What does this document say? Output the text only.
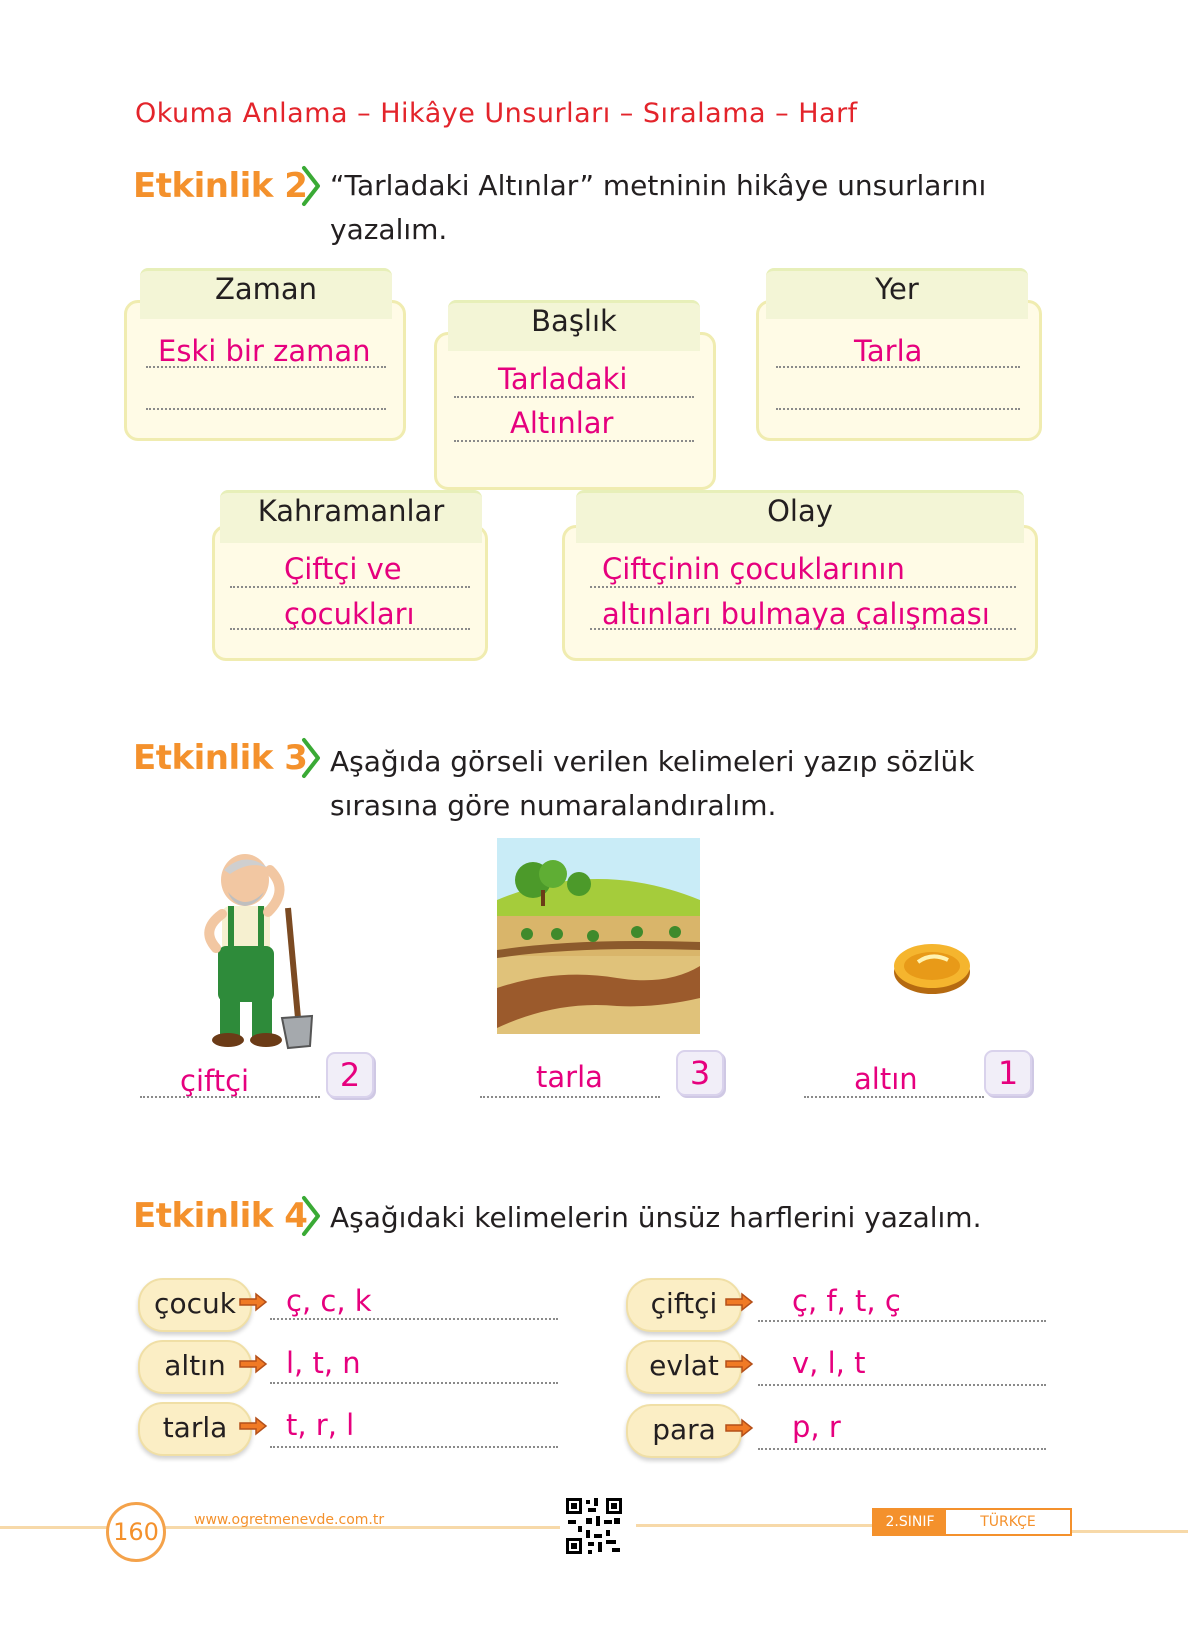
Okuma Anlama – Hikâye Unsurları – Sıralama – Harf
Etkinlik 2 “Tarladaki Altınlar” metninin hikâye unsurlarını
yazalım.
Zaman
Eski bir zaman
Başlık
Tarladaki
Altınlar
Yer
Tarla
Kahramanlar
Çiftçi ve
çocukları
Olay
Çiftçinin çocuklarının
altınları bulmaya çalışması
Etkinlik 3 Aşağıda görseli verilen kelimeleri yazıp sözlük
sırasına göre numaralandıralım.
çiftçi	2	tarla	3	altın	1
Etkinlik 4 Aşağıdaki kelimelerin ünsüz harflerini yazalım.
çocuk	ç, c, k
altın	l, t, n
tarla	t, r, l
çiftçi	ç, f, t, ç
evlat	v, l, t
para	p, r
160	www.ogretmenevde.com.tr	2.SINIF	TÜRKÇE
